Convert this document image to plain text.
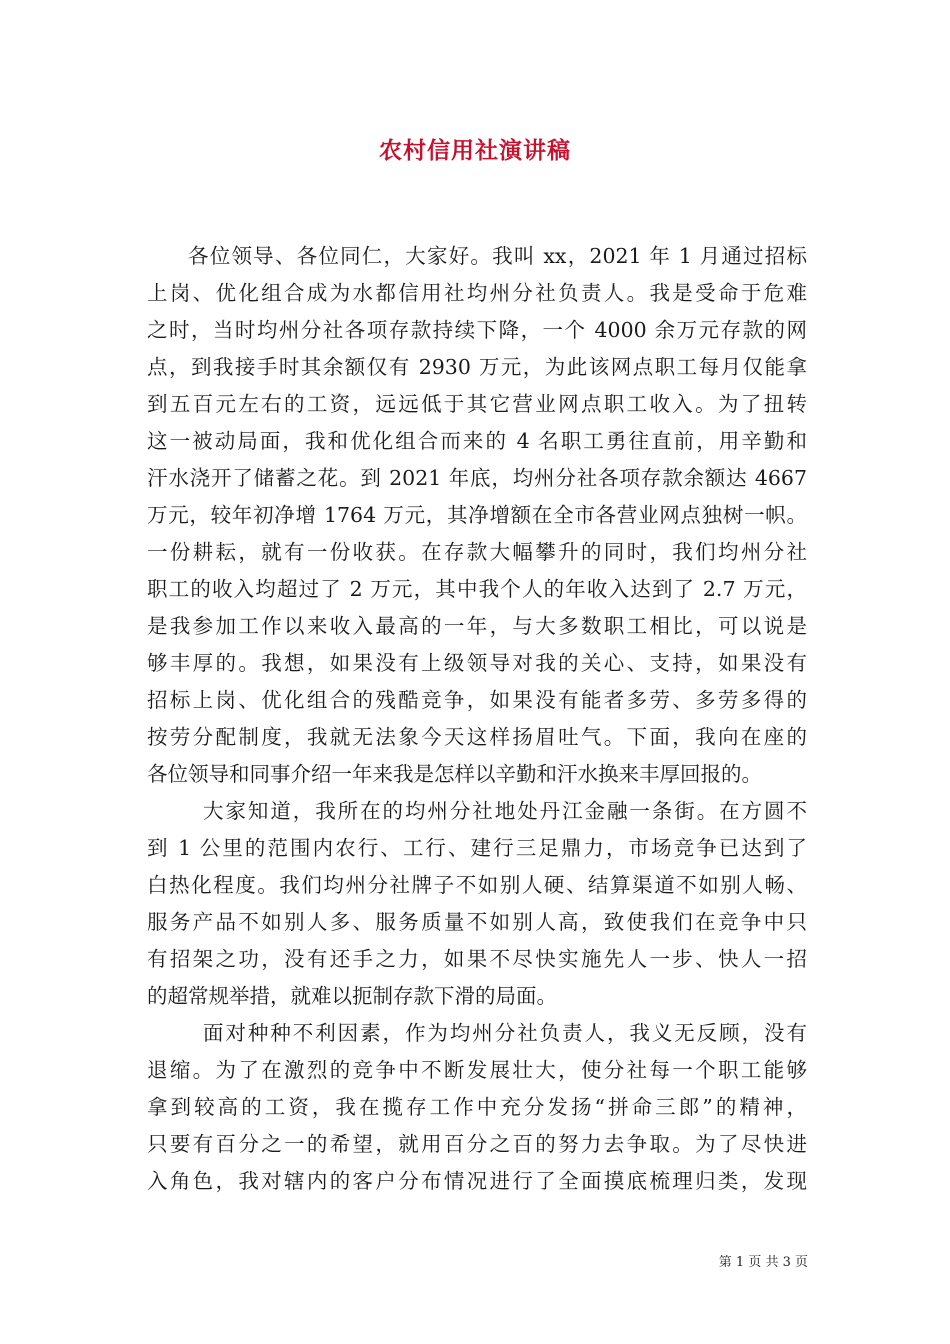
农村信用社演讲稿
各位领导、各位同仁，大家好。我叫 xx，2021 年 1 月通过招标
上岗、优化组合成为水都信用社均州分社负责人。我是受命于危难
之时，当时均州分社各项存款持续下降，一个 4000 余万元存款的网
点，到我接手时其余额仅有 2930 万元，为此该网点职工每月仅能拿
到五百元左右的工资，远远低于其它营业网点职工收入。为了扭转
这一被动局面，我和优化组合而来的 4 名职工勇往直前，用辛勤和
汗水浇开了储蓄之花。到 2021 年底，均州分社各项存款余额达 4667
万元，较年初净增 1764 万元，其净增额在全市各营业网点独树一帜。
一份耕耘，就有一份收获。在存款大幅攀升的同时，我们均州分社
职工的收入均超过了 2 万元，其中我个人的年收入达到了 2.7 万元，
是我参加工作以来收入最高的一年，与大多数职工相比，可以说是
够丰厚的。我想，如果没有上级领导对我的关心、支持，如果没有
招标上岗、优化组合的残酷竞争，如果没有能者多劳、多劳多得的
按劳分配制度，我就无法象今天这样扬眉吐气。下面，我向在座的
各位领导和同事介绍一年来我是怎样以辛勤和汗水换来丰厚回报的。
大家知道，我所在的均州分社地处丹江金融一条街。在方圆不
到 1 公里的范围内农行、工行、建行三足鼎力，市场竞争已达到了
白热化程度。我们均州分社牌子不如别人硬、结算渠道不如别人畅、
服务产品不如别人多、服务质量不如别人高，致使我们在竞争中只
有招架之功，没有还手之力，如果不尽快实施先人一步、快人一招
的超常规举措，就难以扼制存款下滑的局面。
面对种种不利因素，作为均州分社负责人，我义无反顾，没有
退缩。为了在激烈的竞争中不断发展壮大，使分社每一个职工能够
拿到较高的工资，我在揽存工作中充分发扬“拼命三郎”的精神，
只要有百分之一的希望，就用百分之百的努力去争取。为了尽快进
入角色，我对辖内的客户分布情况进行了全面摸底梳理归类，发现
第 1 页 共 3 页
